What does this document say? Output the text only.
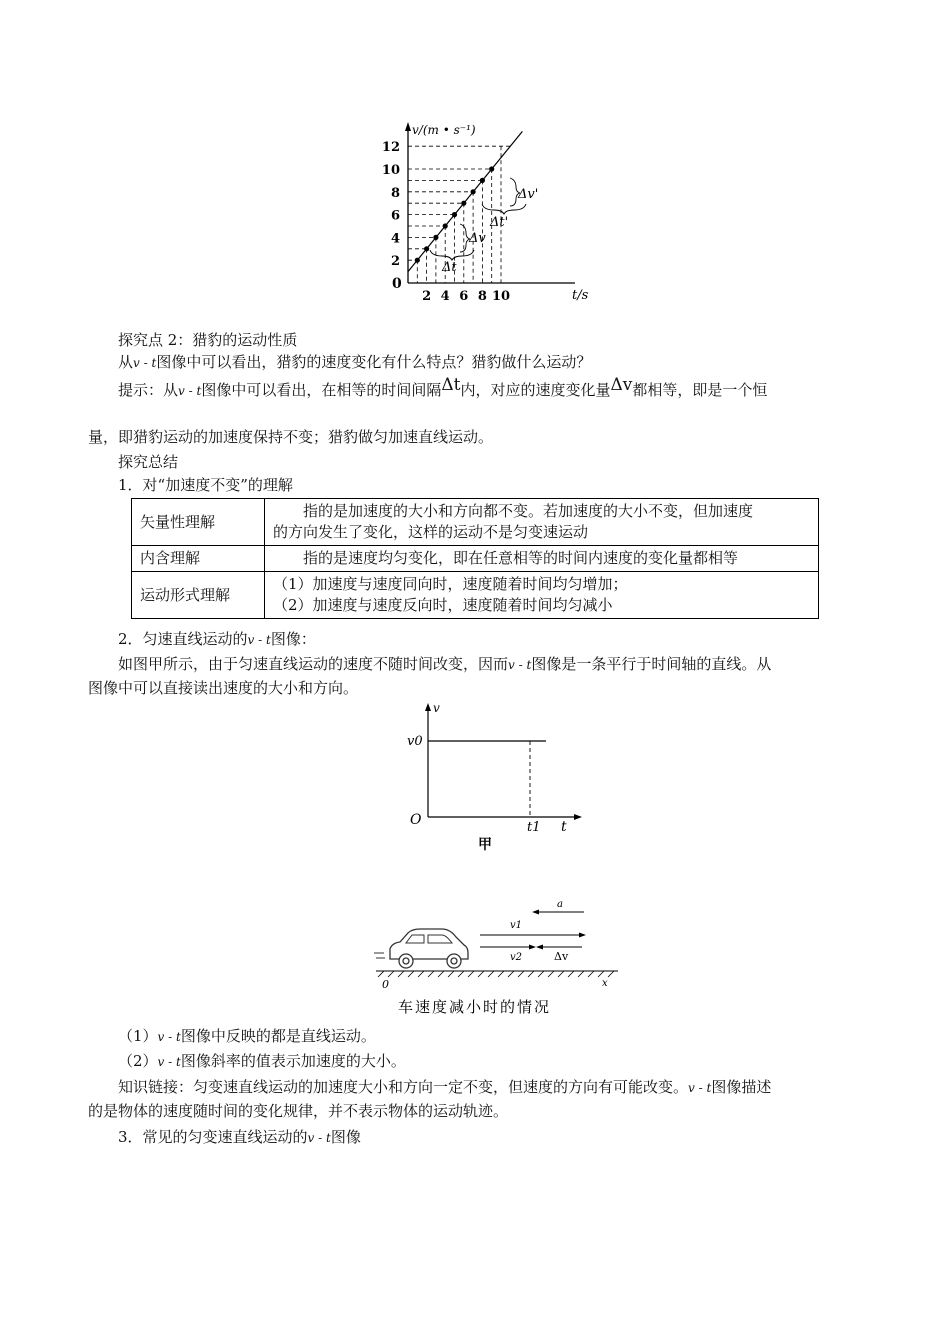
v/(m • s⁻¹)
t/s
0
2
4
6
8
10
12
2 4 6 8 10
Δt
Δv
Δt'
Δv'
探究点 2：猎豹的运动性质
从v - t图像中可以看出，猎豹的速度变化有什么特点？猎豹做什么运动？
提示：从v - t图像中可以看出，在相等的时间间隔Δt内，对应的速度变化量Δv都相等，即是一个恒
量，即猎豹运动的加速度保持不变；猎豹做匀加速直线运动。
探究总结
1．对“加速度不变”的理解
矢量性理解	指的是加速度的大小和方向都不变。若加速度的大小不变，但加速度
的方向发生了变化，这样的运动不是匀变速运动

内含理解	指的是速度均匀变化，即在任意相等的时间内速度的变化量都相等

运动形式理解	（1）加速度与速度同向时，速度随着时间均匀增加；
（2）加速度与速度反向时，速度随着时间均匀减小
2．匀速直线运动的v - t图像：
如图甲所示，由于匀速直线运动的速度不随时间改变，因而v - t图像是一条平行于时间轴的直线。从
图像中可以直接读出速度的大小和方向。
v
t
O
v0
t1
甲
a
v1
v2	Δv
0	x
车速度减小时的情况
（1）v - t图像中反映的都是直线运动。
（2）v - t图像斜率的值表示加速度的大小。
知识链接：匀变速直线运动的加速度大小和方向一定不变，但速度的方向有可能改变。v - t图像描述
的是物体的速度随时间的变化规律，并不表示物体的运动轨迹。
3．常见的匀变速直线运动的v - t图像
